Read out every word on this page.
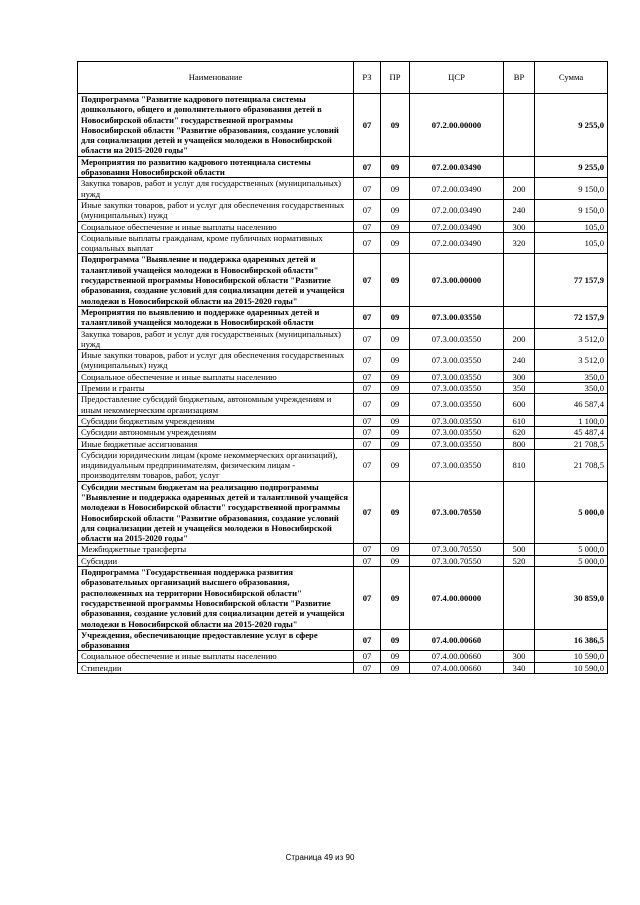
Наименование	РЗ	ПР	ЦСР	ВР	Сумма
Подпрограмма "Развитие кадрового потенциала системы дошкольного, общего и дополнительного образования детей в Новосибирской области" государственной программы Новосибирской области "Развитие образования, создание условий для социализации детей и учащейся молодежи в Новосибирской области на 2015-2020 годы"	07	09	07.2.00.00000		9 255,0
Мероприятия по развитию кадрового потенциала системы образования Новосибирской области	07	09	07.2.00.03490		9 255,0
Закупка товаров, работ и услуг для государственных (муниципальных) нужд	07	09	07.2.00.03490	200	9 150,0
Иные закупки товаров, работ и услуг для обеспечения государственных (муниципальных) нужд	07	09	07.2.00.03490	240	9 150,0
Социальное обеспечение и иные выплаты населению	07	09	07.2.00.03490	300	105,0
Социальные выплаты гражданам, кроме публичных нормативных социальных выплат	07	09	07.2.00.03490	320	105,0
Подпрограмма "Выявление и поддержка одаренных детей и талантливой учащейся молодежи в Новосибирской области" государственной программы Новосибирской области "Развитие образования, создание условий для социализации детей и учащейся молодежи в Новосибирской области на 2015-2020 годы"	07	09	07.3.00.00000		77 157,9
Мероприятия по выявлению и поддержке одаренных детей и талантливой учащейся молодежи в Новосибирской области	07	09	07.3.00.03550		72 157,9
Закупка товаров, работ и услуг для государственных (муниципальных) нужд	07	09	07.3.00.03550	200	3 512,0
Иные закупки товаров, работ и услуг для обеспечения государственных (муниципальных) нужд	07	09	07.3.00.03550	240	3 512,0
Социальное обеспечение и иные выплаты населению	07	09	07.3.00.03550	300	350,0
Премии и гранты	07	09	07.3.00.03550	350	350,0
Предоставление субсидий бюджетным, автономным учреждениям и иным некоммерческим организациям	07	09	07.3.00.03550	600	46 587,4
Субсидии бюджетным учреждениям	07	09	07.3.00.03550	610	1 100,0
Субсидии автономным учреждениям	07	09	07.3.00.03550	620	45 487,4
Иные бюджетные ассигнования	07	09	07.3.00.03550	800	21 708,5
Субсидии юридическим лицам (кроме некоммерческих организаций), индивидуальным предпринимателям, физическим лицам - производителям товаров, работ, услуг	07	09	07.3.00.03550	810	21 708,5
Субсидии местным бюджетам на реализацию подпрограммы "Выявление и поддержка одаренных детей и талантливой учащейся молодежи в Новосибирской области" государственной программы Новосибирской области "Развитие образования, создание условий для социализации детей и учащейся молодежи в Новосибирской области на 2015-2020 годы"	07	09	07.3.00.70550		5 000,0
Межбюджетные трансферты	07	09	07.3.00.70550	500	5 000,0
Субсидии	07	09	07.3.00.70550	520	5 000,0
Подпрограмма "Государственная поддержка развития образовательных организаций высшего образования, расположенных на территории Новосибирской области" государственной программы Новосибирской области "Развитие образования, создание условий для социализации детей и учащейся молодежи в Новосибирской области на 2015-2020 годы"	07	09	07.4.00.00000		30 859,0
Учреждения, обеспечивающие предоставление услуг в сфере образования	07	09	07.4.00.00660		16 386,5
Социальное обеспечение и иные выплаты населению	07	09	07.4.00.00660	300	10 590,0
Стипендии	07	09	07.4.00.00660	340	10 590,0
Страница 49 из 90
